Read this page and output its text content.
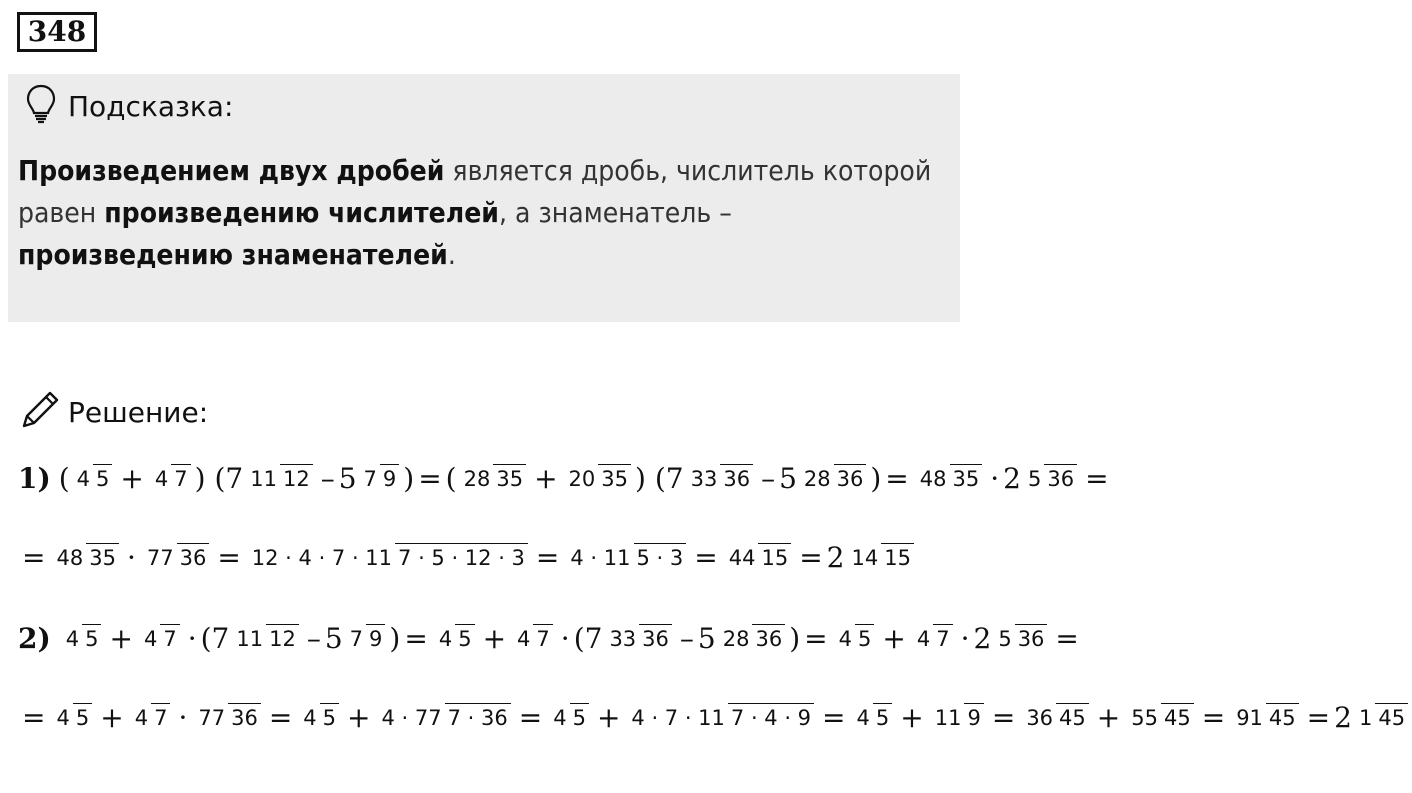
348
Подсказка:
Произведением двух дробей является дробь, числитель которой равен произведению числителей, а знаменатель – произведению знаменателей.
Решение:
1) ( 4 5 + 4 7 ) (7 11 12 – 5 7 9 ) = ( 28 35 + 20 35 ) (7 33 36 – 5 28 36 ) = 48 35 · 2 5 36 =
= 48 35 · 77 36 = 12 · 4 · 7 · 11 7 · 5 · 12 · 3 = 4 · 11 5 · 3 = 44 15 = 2 14 15
2) 4 5 + 4 7 · (7 11 12 – 5 7 9 ) = 4 5 + 4 7 · (7 33 36 – 5 28 36 ) = 4 5 + 4 7 · 2 5 36 =
= 4 5 + 4 7 · 77 36 = 4 5 + 4 · 77 7 · 36 = 4 5 + 4 · 7 · 11 7 · 4 · 9 = 4 5 + 11 9 = 36 45 + 55 45 = 91 45 = 2 1 45
